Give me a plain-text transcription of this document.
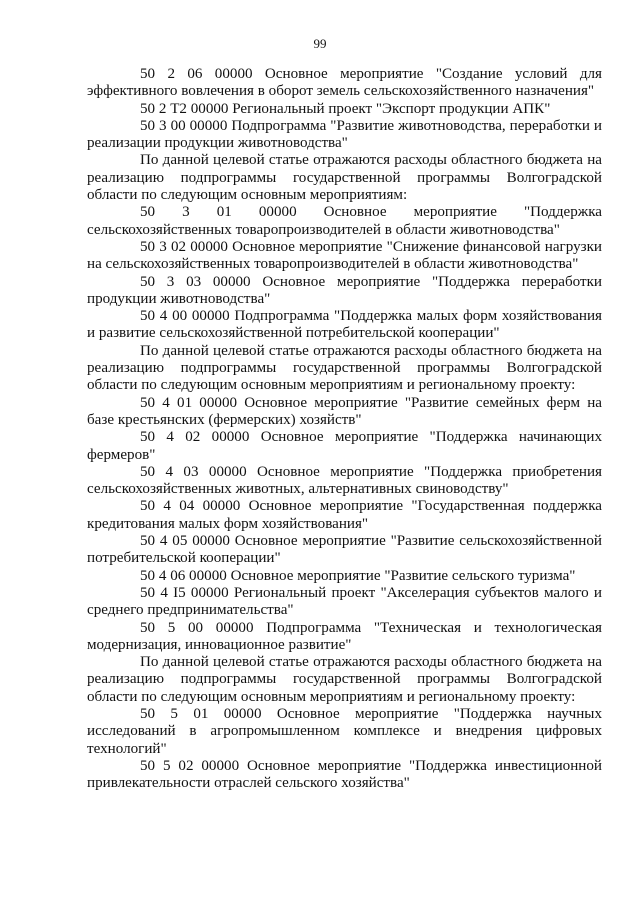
99

50 2 06 00000 Основное мероприятие "Создание условий для эффективного вовлечения в оборот земель сельскохозяйственного назначения"

50 2 Т2 00000 Региональный проект "Экспорт продукции АПК"

50 3 00 00000 Подпрограмма "Развитие животноводства, переработки и реализации продукции животноводства"

По данной целевой статье отражаются расходы областного бюджета на реализацию подпрограммы государственной программы Волгоградской области по следующим основным мероприятиям:

50 3 01 00000 Основное мероприятие "Поддержка сельскохозяйственных товаропроизводителей в области животноводства"

50 3 02 00000 Основное мероприятие "Снижение финансовой нагрузки на сельскохозяйственных товаропроизводителей в области животноводства"

50 3 03 00000 Основное мероприятие "Поддержка переработки продукции животноводства"

50 4 00 00000 Подпрограмма "Поддержка малых форм хозяйствования и развитие сельскохозяйственной потребительской кооперации"

По данной целевой статье отражаются расходы областного бюджета на реализацию подпрограммы государственной программы Волгоградской области по следующим основным мероприятиям и региональному проекту:

50 4 01 00000 Основное мероприятие "Развитие семейных ферм на базе крестьянских (фермерских) хозяйств"

50 4 02 00000 Основное мероприятие "Поддержка начинающих фермеров"

50 4 03 00000 Основное мероприятие "Поддержка приобретения сельскохозяйственных животных, альтернативных свиноводству"

50 4 04 00000 Основное мероприятие "Государственная поддержка кредитования малых форм хозяйствования"

50 4 05 00000 Основное мероприятие "Развитие сельскохозяйственной потребительской кооперации"

50 4 06 00000 Основное мероприятие "Развитие сельского туризма"

50 4 I5 00000 Региональный проект "Акселерация субъектов малого и среднего предпринимательства"

50 5 00 00000 Подпрограмма "Техническая и технологическая модернизация, инновационное развитие"

По данной целевой статье отражаются расходы областного бюджета на реализацию подпрограммы государственной программы Волгоградской области по следующим основным мероприятиям и региональному проекту:

50 5 01 00000 Основное мероприятие "Поддержка научных исследований в агропромышленном комплексе и внедрения цифровых технологий"

50 5 02 00000 Основное мероприятие "Поддержка инвестиционной привлекательности отраслей сельского хозяйства"
